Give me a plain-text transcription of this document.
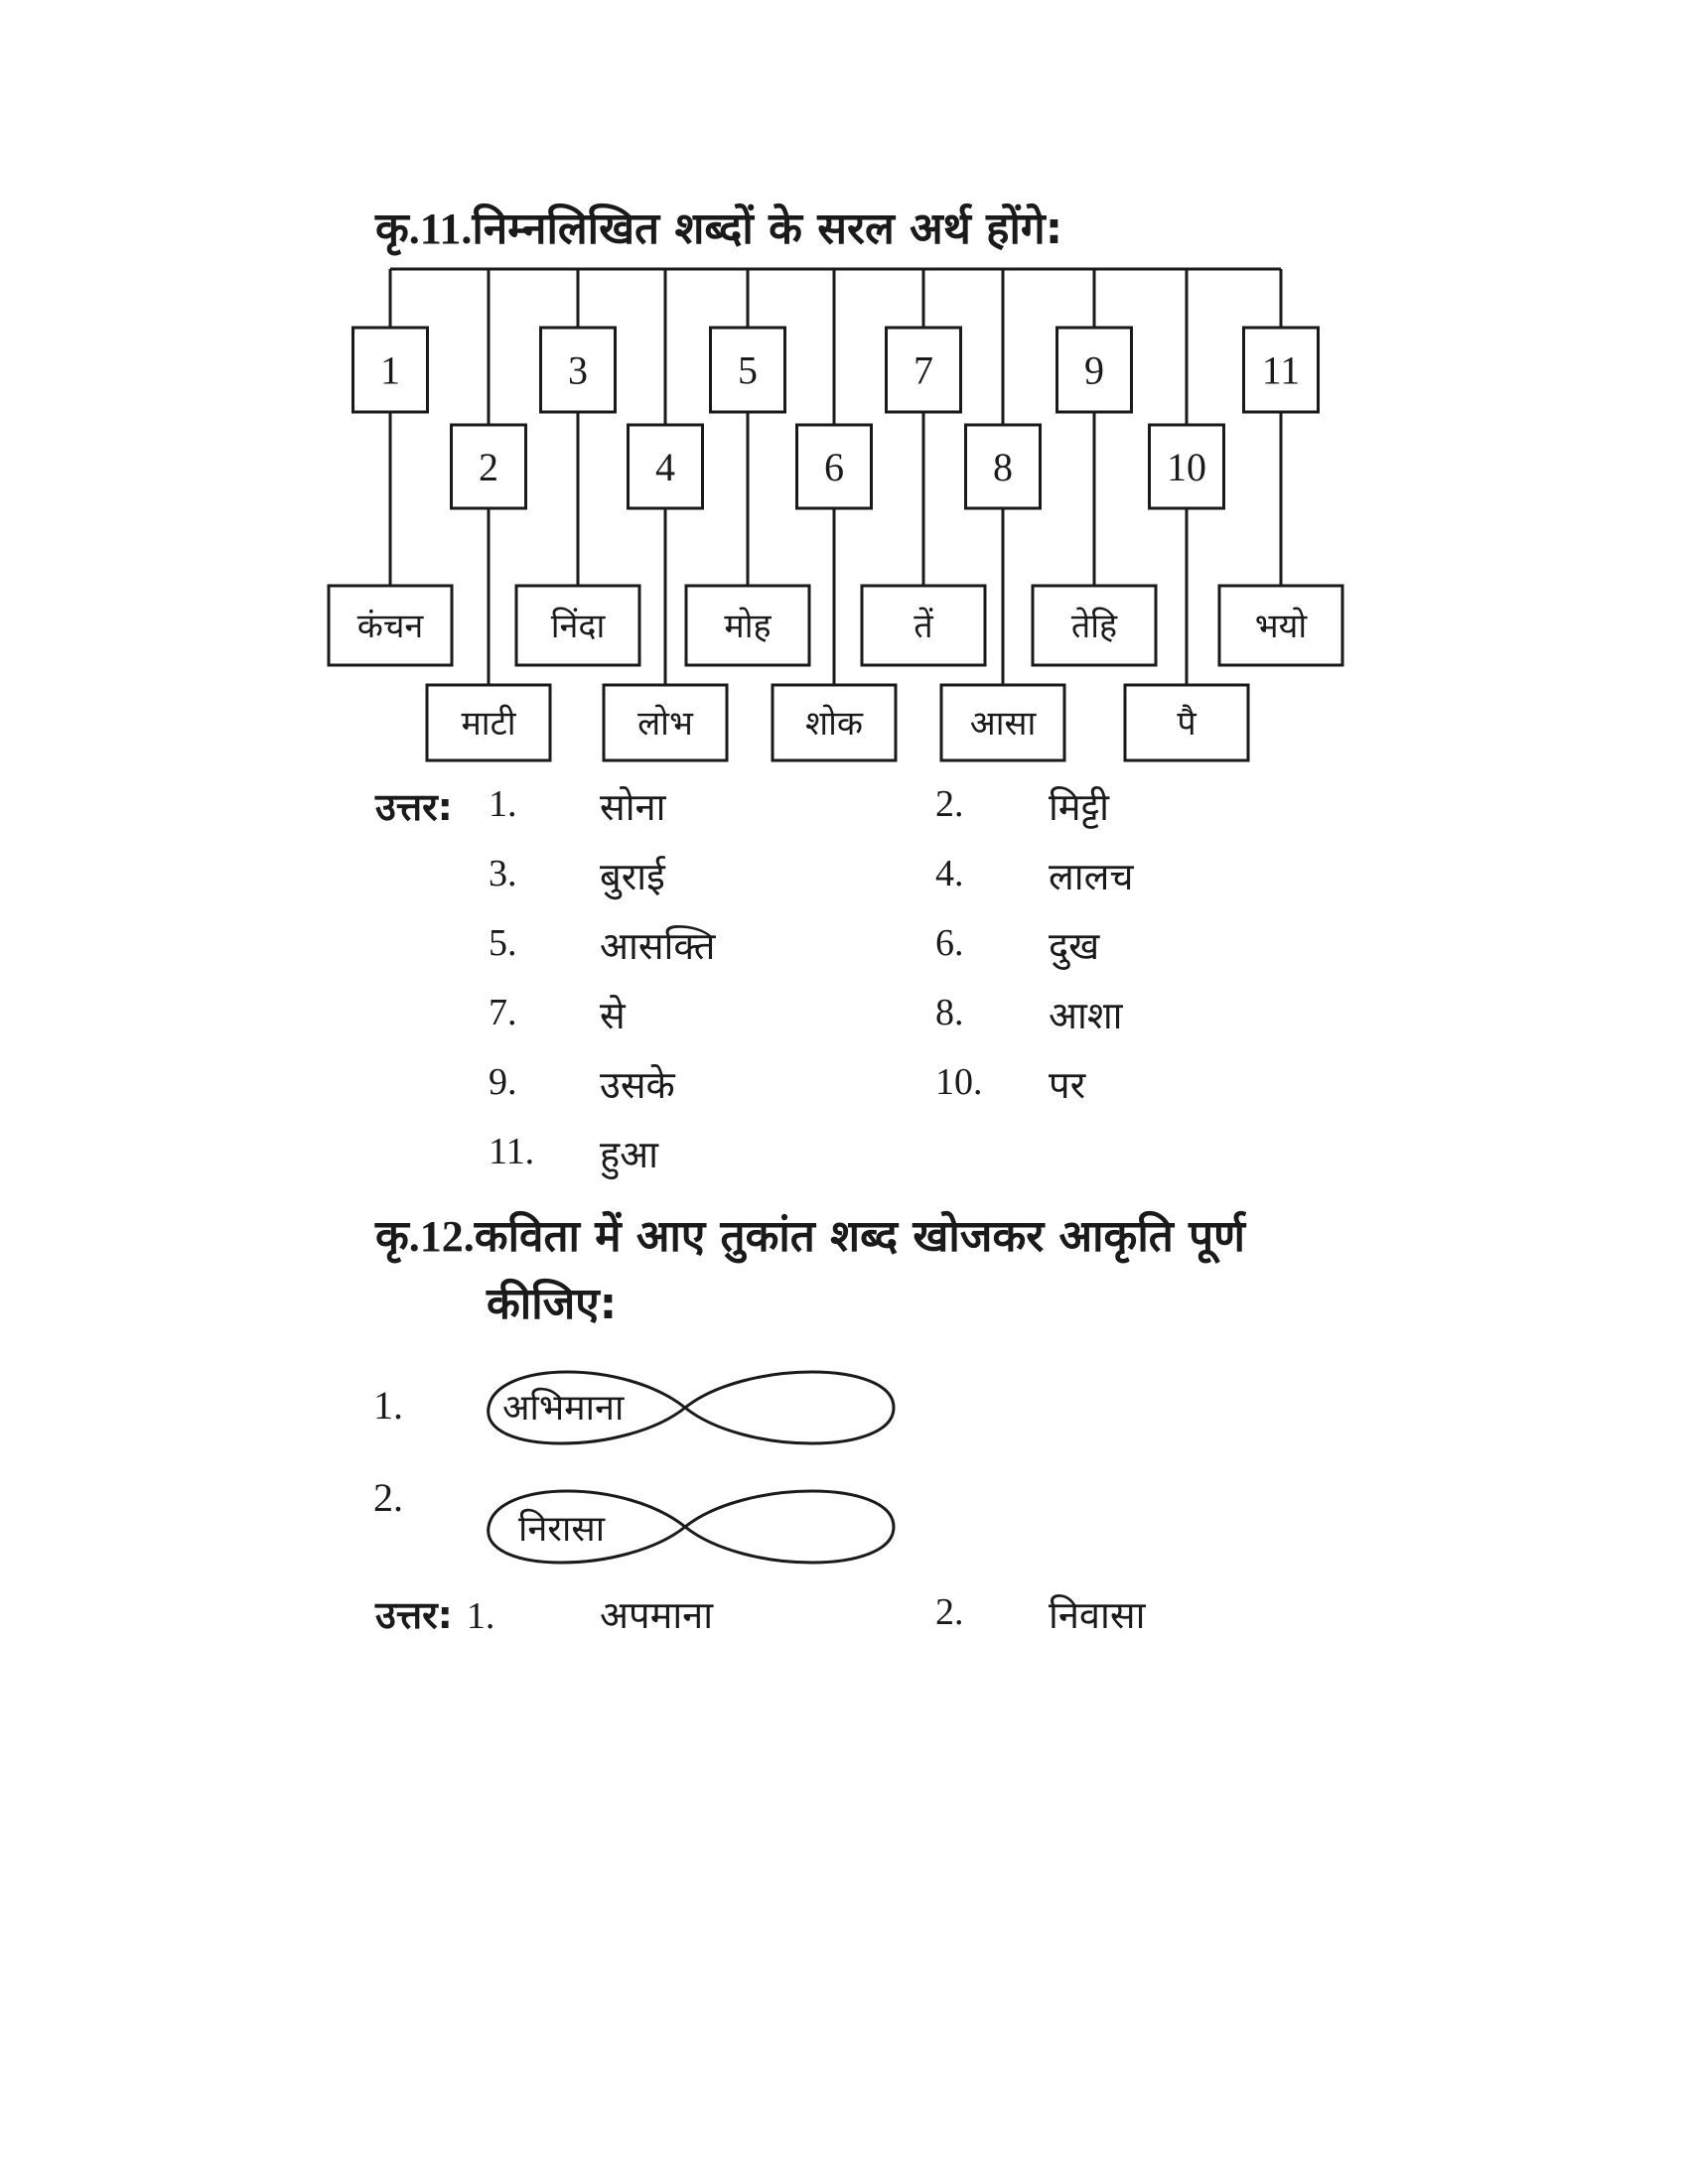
कृ.11.निम्नलिखित शब्दों के सरल अर्थ होंगे:
1
2
3
4
5
6
7
8
9
10
11
कंचन
माटी
निंदा
लोभ
मोह
शोक
तें
आसा
तेहि
पै
भयो
उत्तर: 1. सोना	2. मिट्टी
3. बुराई	4. लालच
5. आसक्ति	6. दुख
7. से	8. आशा
9. उसके	10. पर
11. हुआ
कृ.12.कविता में आए तुकांत शब्द खोजकर आकृति पूर्ण
कीजिए:
1.
2.
अभिमाना
निरासा
उत्तर: 1.	अपमाना	2. निवासा
